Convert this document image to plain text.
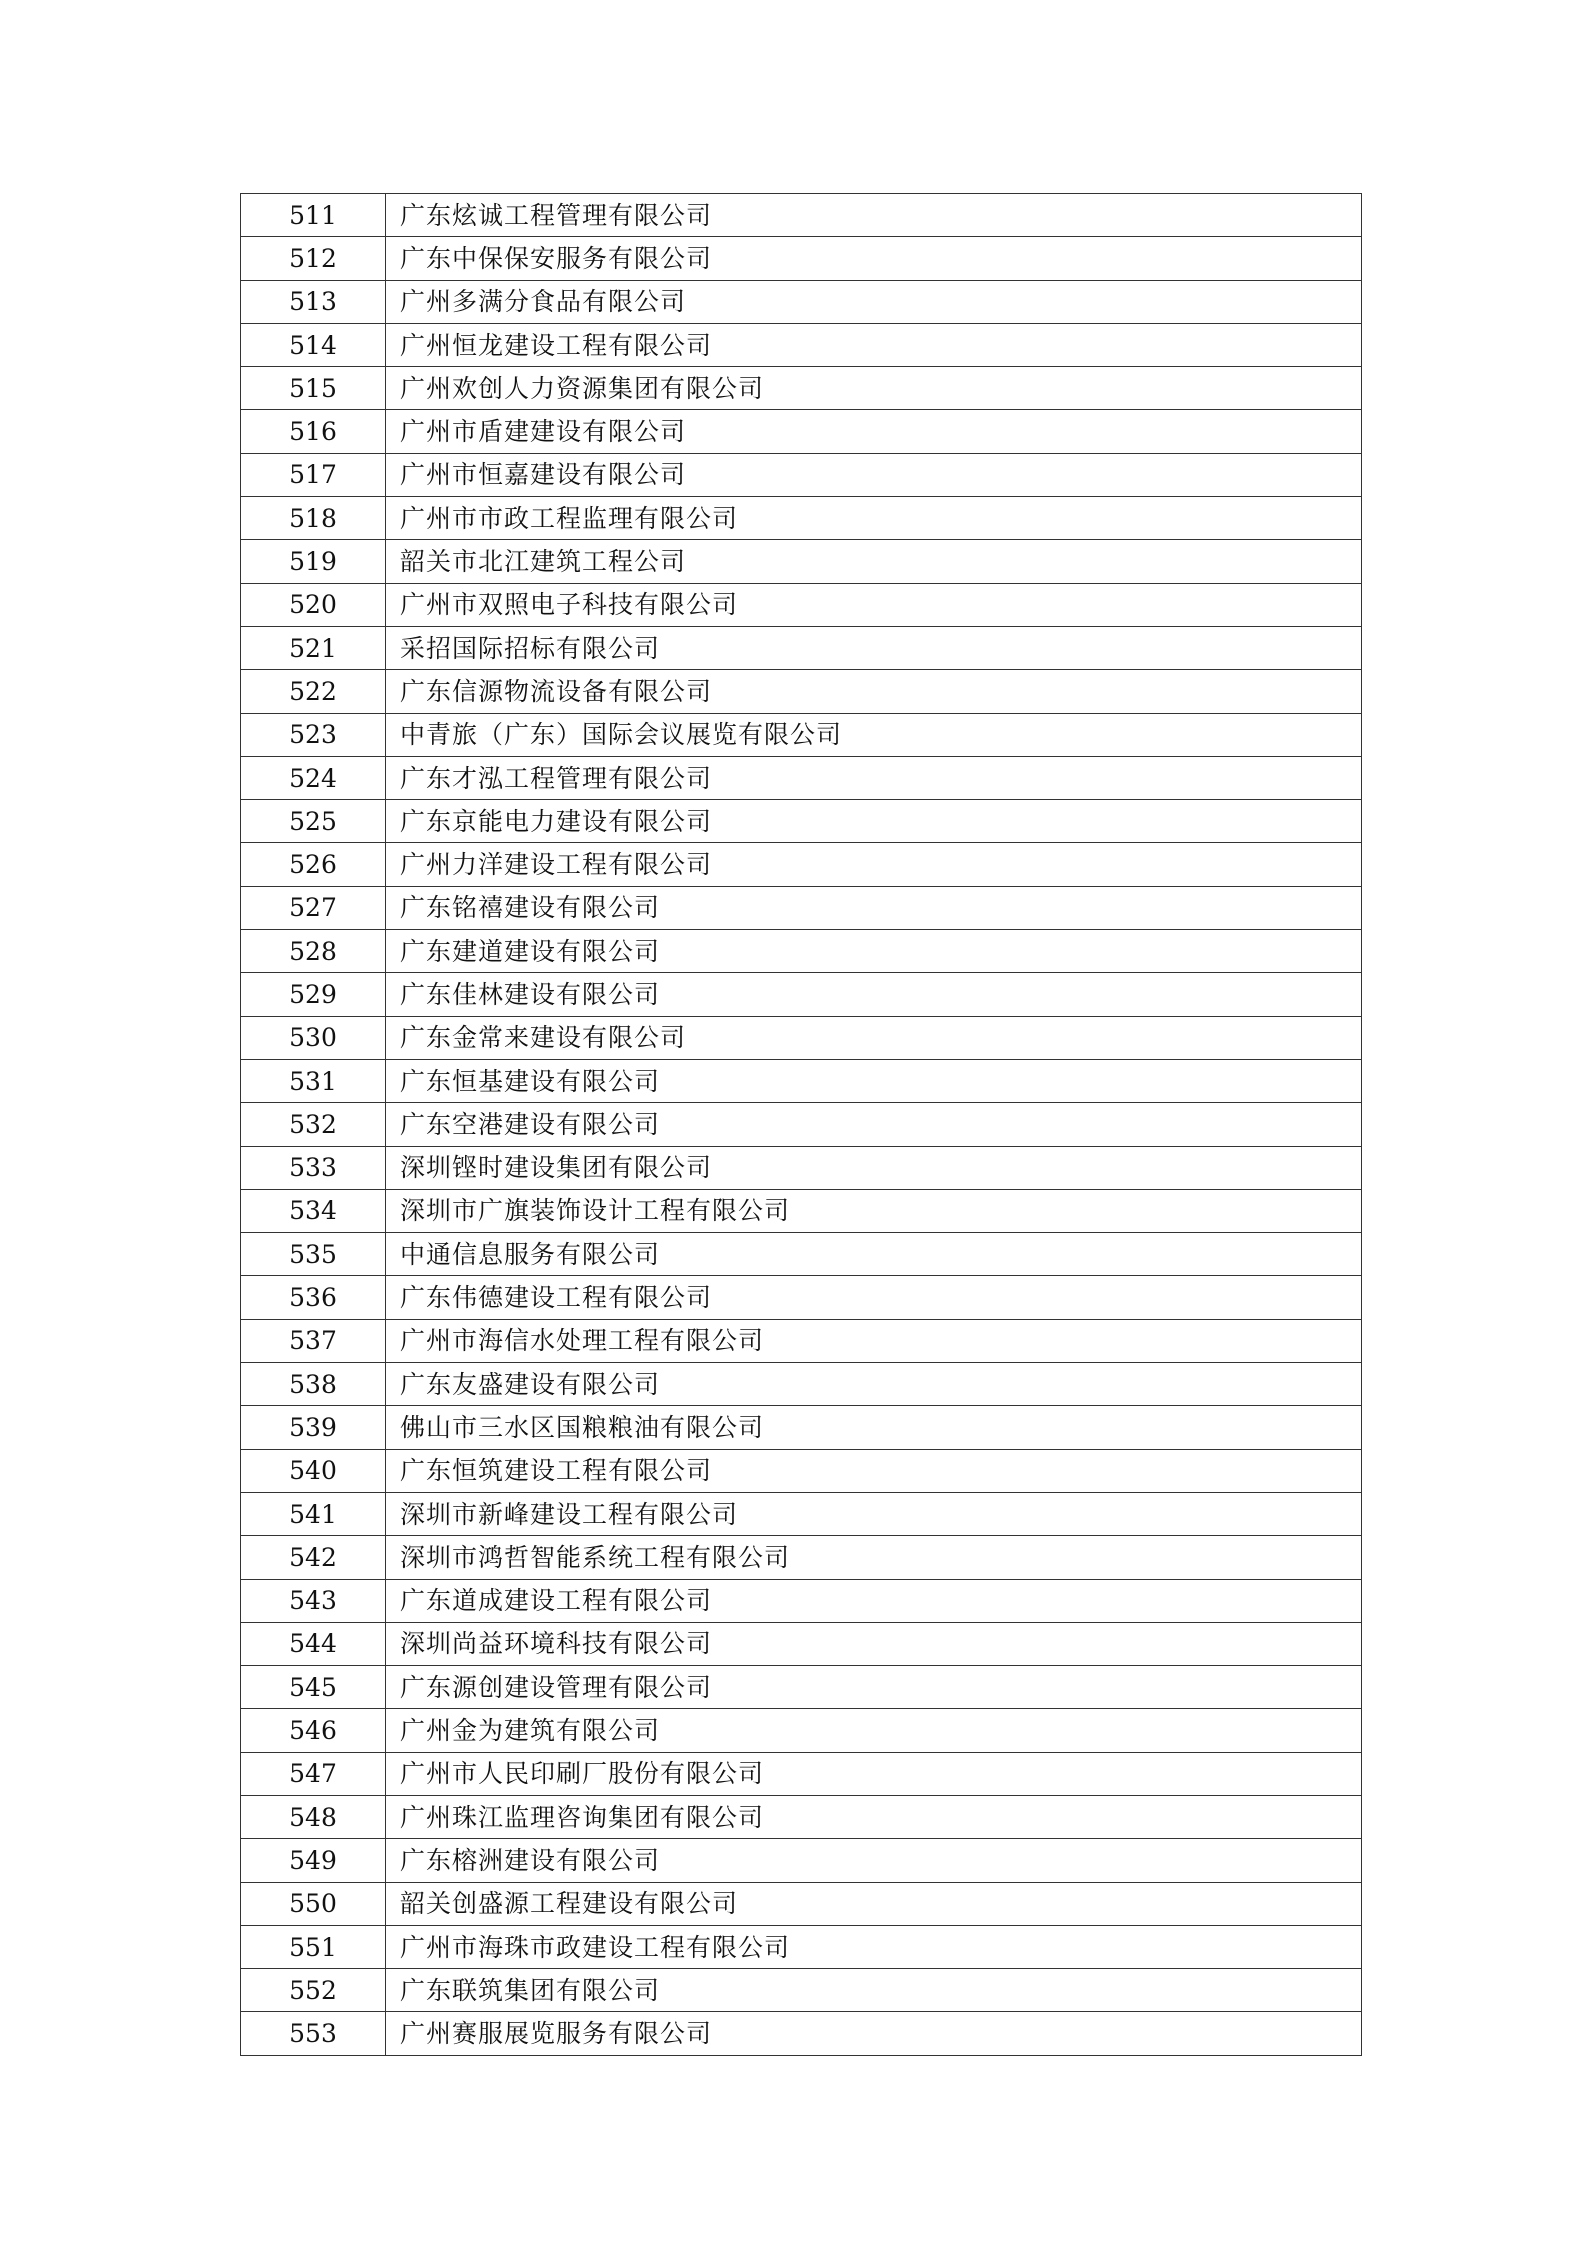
511	广东炫诚工程管理有限公司
512	广东中保保安服务有限公司
513	广州多满分食品有限公司
514	广州恒龙建设工程有限公司
515	广州欢创人力资源集团有限公司
516	广州市盾建建设有限公司
517	广州市恒嘉建设有限公司
518	广州市市政工程监理有限公司
519	韶关市北江建筑工程公司
520	广州市双照电子科技有限公司
521	采招国际招标有限公司
522	广东信源物流设备有限公司
523	中青旅（广东）国际会议展览有限公司
524	广东才泓工程管理有限公司
525	广东京能电力建设有限公司
526	广州力洋建设工程有限公司
527	广东铭禧建设有限公司
528	广东建道建设有限公司
529	广东佳林建设有限公司
530	广东金常来建设有限公司
531	广东恒基建设有限公司
532	广东空港建设有限公司
533	深圳铿时建设集团有限公司
534	深圳市广旗装饰设计工程有限公司
535	中通信息服务有限公司
536	广东伟德建设工程有限公司
537	广州市海信水处理工程有限公司
538	广东友盛建设有限公司
539	佛山市三水区国粮粮油有限公司
540	广东恒筑建设工程有限公司
541	深圳市新峰建设工程有限公司
542	深圳市鸿哲智能系统工程有限公司
543	广东道成建设工程有限公司
544	深圳尚益环境科技有限公司
545	广东源创建设管理有限公司
546	广州金为建筑有限公司
547	广州市人民印刷厂股份有限公司
548	广州珠江监理咨询集团有限公司
549	广东榕洲建设有限公司
550	韶关创盛源工程建设有限公司
551	广州市海珠市政建设工程有限公司
552	广东联筑集团有限公司
553	广州赛服展览服务有限公司
